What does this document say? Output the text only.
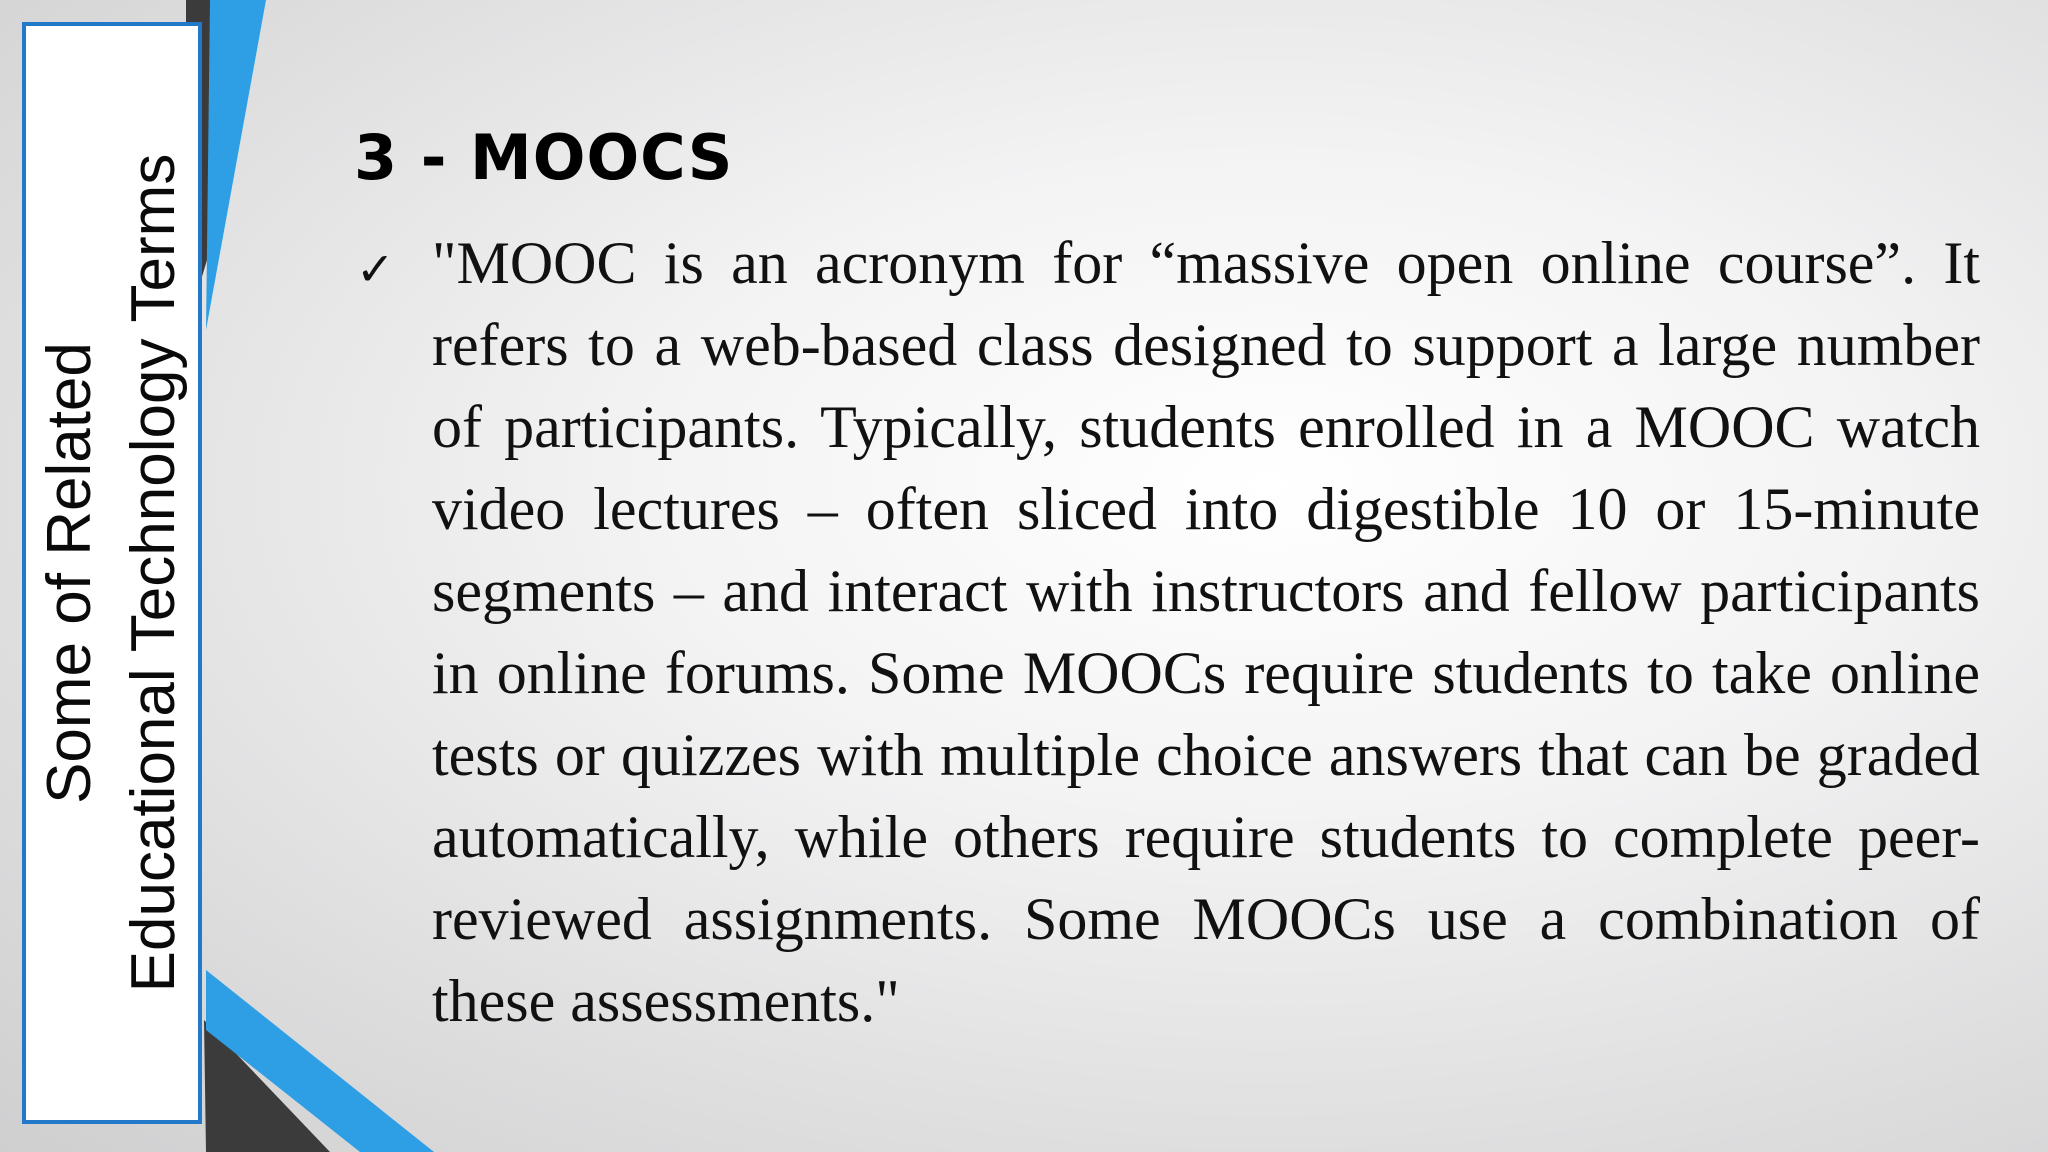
Some of Related Educational Technology Terms	3 - MOOCS
✓ "MOOC is an acronym for “massive open online course”. It refers to a web-based class designed to support a large number of participants. Typically, students enrolled in a MOOC watch video lectures – often sliced into digestible 10 or 15-minute segments – and interact with instructors and fellow participants in online forums. Some MOOCs require students to take online tests or quizzes with multiple choice answers that can be graded automatically, while others require students to complete peer-reviewed assignments. Some MOOCs use a combination of these assessments."
